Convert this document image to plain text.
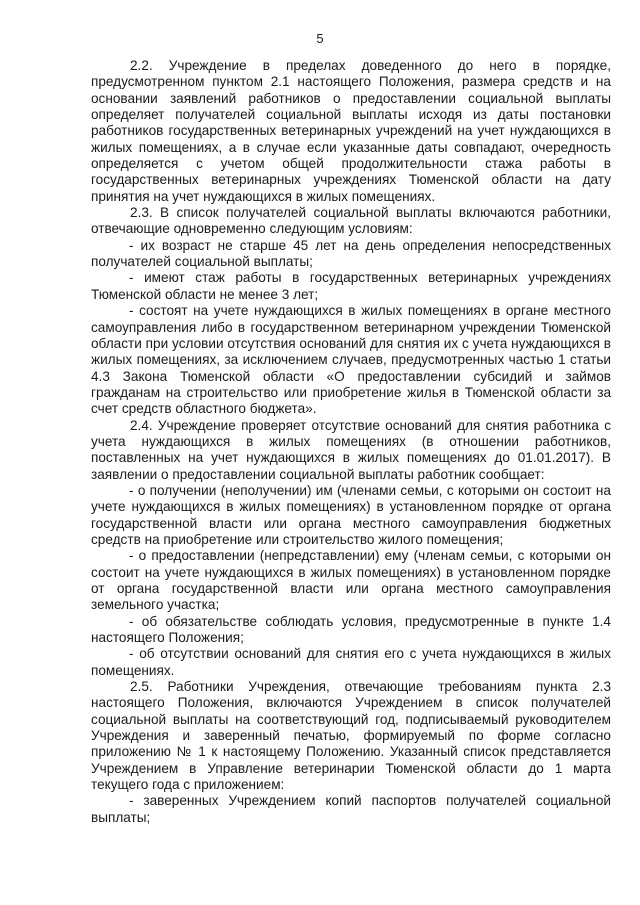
5

2.2. Учреждение в пределах доведенного до него в порядке, предусмотренном пунктом 2.1 настоящего Положения, размера средств и на основании заявлений работников о предоставлении социальной выплаты определяет получателей социальной выплаты исходя из даты постановки работников государственных ветеринарных учреждений на учет нуждающихся в жилых помещениях, а в случае если указанные даты совпадают, очередность определяется с учетом общей продолжительности стажа работы в государственных ветеринарных учреждениях Тюменской области на дату принятия на учет нуждающихся в жилых помещениях.

2.3. В список получателей социальной выплаты включаются работники, отвечающие одновременно следующим условиям:

- их возраст не старше 45 лет на день определения непосредственных получателей социальной выплаты;

- имеют стаж работы в государственных ветеринарных учреждениях Тюменской области не менее 3 лет;

- состоят на учете нуждающихся в жилых помещениях в органе местного самоуправления либо в государственном ветеринарном учреждении Тюменской области при условии отсутствия оснований для снятия их с учета нуждающихся в жилых помещениях, за исключением случаев, предусмотренных частью 1 статьи 4.3 Закона Тюменской области «О предоставлении субсидий и займов гражданам на строительство или приобретение жилья в Тюменской области за счет средств областного бюджета».

2.4. Учреждение проверяет отсутствие оснований для снятия работника с учета нуждающихся в жилых помещениях (в отношении работников, поставленных на учет нуждающихся в жилых помещениях до 01.01.2017). В заявлении о предоставлении социальной выплаты работник сообщает:

- о получении (неполучении) им (членами семьи, с которыми он состоит на учете нуждающихся в жилых помещениях) в установленном порядке от органа государственной власти или органа местного самоуправления бюджетных средств на приобретение или строительство жилого помещения;

- о предоставлении (непредставлении) ему (членам семьи, с которыми он состоит на учете нуждающихся в жилых помещениях) в установленном порядке от органа государственной власти или органа местного самоуправления земельного участка;

- об обязательстве соблюдать условия, предусмотренные в пункте 1.4 настоящего Положения;

- об отсутствии оснований для снятия его с учета нуждающихся в жилых помещениях.

2.5. Работники Учреждения, отвечающие требованиям пункта 2.3 настоящего Положения, включаются Учреждением в список получателей социальной выплаты на соответствующий год, подписываемый руководителем Учреждения и заверенный печатью, формируемый по форме согласно приложению № 1 к настоящему Положению. Указанный список представляется Учреждением в Управление ветеринарии Тюменской области до 1 марта текущего года с приложением:

- заверенных Учреждением копий паспортов получателей социальной выплаты;
